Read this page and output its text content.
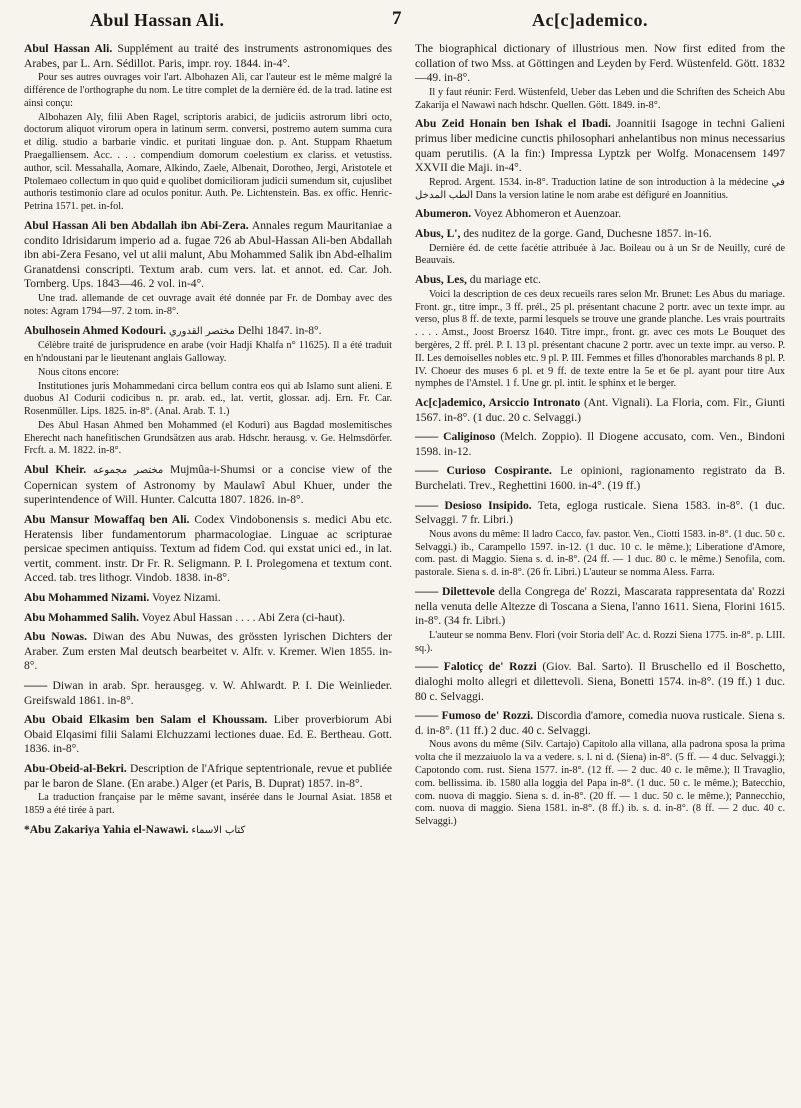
Abul Hassan Ali.	7	Ac[c]ademico.
Abul Hassan Ali. Supplément au traité des instruments astronomiques des Arabes, par L. Arn. Sédillot. Paris, impr. roy. 1844. in-4°.
Pour ses autres ouvrages voir l'art. Albohazen Ali, car l'auteur est le même malgré la différence de l'orthographe du nom. Le titre complet de la dernière éd. de la trad. latine est ainsi conçu:
Albohazen Aly, filii Aben Ragel, scriptoris arabici, de judiciis astrorum libri octo, doctorum aliquot virorum opera in latinum serm. conversi, postremo autem summa cura et dilig. studio a barbarie vindic. et puritati linguae don. p. Ant. Stuppam Rhaetum Praegalliensem. Acc. . . . compendium domorum coelestium ex clariss. et vetustiss. author, scil. Messahalla, Aomare, Alkindo, Zaele, Albenait, Dorotheo, Jergi, Aristotele et Ptolemaeo collectum in quo quid e quolibet domicilioram judicii sumendum sit, cujuslibet authoris testimonio clare ad oculos ponitur. Auth. Pe. Lichtenstein. Bas. ex offic. Henric-Petrina 1571. pet. in-fol.
Abul Hassan Ali ben Abdallah ibn Abi-Zera. Annales regum Mauritaniae a condito Idrisidarum imperio ad a. fugae 726 ab Abul-Hassan Ali-ben Abdallah ibn abi-Zera Fesano, vel ut alii malunt, Abu Mohammed Salik ibn Abd-elhalim Granatdensi conscripti. Textum arab. cum vers. lat. et annot. ed. Car. Joh. Tornberg. Ups. 1843—46. 2 vol. in-4°.
Une trad. allemande de cet ouvrage avait été donnée par Fr. de Dombay avec des notes: Agram 1794—97. 2 tom. in-8°.
Abulhosein Ahmed Kodouri. مختصر القدوري Delhi 1847. in-8°.
Célèbre traité de jurisprudence en arabe (voir Hadji Khalfa n° 11625). Il a été traduit en h'ndoustani par le lieutenant anglais Galloway.
Nous citons encore:
Institutiones juris Mohammedani circa bellum contra eos qui ab Islamo sunt alieni. E duobus Al Codurii codicibus n. pr. arab. ed., lat. vertit, glossar. adj. Ern. Fr. Car. Rosenmüller. Lips. 1825. in-8°. (Anal. Arab. T. 1.)
Des Abul Hasan Ahmed ben Mohammed (el Koduri) aus Bagdad moslemitisches Eherecht nach hanefitischen Grundsätzen aus arab. Hdschr. herausg. v. Ge. Helmsdörfer. Frcft. a. M. 1822. in-8°.
Abul Kheir. مختصر مجموعه Mujmûa-i-Shumsi or a concise view of the Copernican system of Astronomy by Maulawî Abul Khuer, under the superintendence of Will. Hunter. Calcutta 1807. 1826. in-8°.
Abu Mansur Mowaffaq ben Ali. Codex Vindobonensis s. medici Abu etc. Heratensis liber fundamentorum pharmacologiae. Linguae ac scripturae persicae specimen antiquiss. Textum ad fidem Cod. qui exstat unici ed., in lat. vertit, comment. instr. Dr Fr. R. Seligmann. P. I. Prolegomena et textum cont. Acced. tab. tres lithogr. Vindob. 1838. in-8°.
Abu Mohammed Nizami. Voyez Nizami.
Abu Mohammed Salih. Voyez Abul Hassan . . . . Abi Zera (ci-haut).
Abu Nowas. Diwan des Abu Nuwas, des grössten lyrischen Dichters der Araber. Zum ersten Mal deutsch bearbeitet v. Alfr. v. Kremer. Wien 1855. in-8°.
—— Diwan in arab. Spr. herausgeg. v. W. Ahlwardt. P. I. Die Weinlieder. Greifswald 1861. in-8°.
Abu Obaid Elkasim ben Salam el Khoussam. Liber proverbiorum Abi Obaid Elqasimi filii Salami Elchuzzami lectiones duae. Ed. E. Bertheau. Gott. 1836. in-8°.
Abu-Obeid-al-Bekri. Description de l'Afrique septentrionale, revue et publiée par le baron de Slane. (En arabe.) Alger (et Paris, B. Duprat) 1857. in-8°.
La traduction française par le même savant, insérée dans le Journal Asiat. 1858 et 1859 a été tirée à part.
*Abu Zakariya Yahia el-Nawawi. كتاب الاسماء
The biographical dictionary of illustrious men. Now first edited from the collation of two Mss. at Göttingen and Leyden by Ferd. Wüstenfeld. Gött. 1832—49. in-8°.
Il y faut réunir: Ferd. Wüstenfeld, Ueber das Leben und die Schriften des Scheich Abu Zakarija el Nawawi nach hdschr. Quellen. Gött. 1849. in-8°.
Abu Zeid Honain ben Ishak el Ibadi. Joannitii Isagoge in techni Galieni primus liber medicine cunctis philosophari anhelantibus non minus necessarius quam perutilis. (A la fin:) Impressa Lyptzk per Wolfg. Monacensem 1497 XXVII die Maji. in-4°.
Reprod. Argent. 1534. in-8°. Traduction latine de son introduction à la médecine في الطب المدخل Dans la version latine le nom arabe est défiguré en Joannitius.
Abumeron. Voyez Abhomeron et Auenzoar.
Abus, L', des nuditez de la gorge. Gand, Duchesne 1857. in-16.
Dernière éd. de cette facétie attribuée à Jac. Boileau ou à un Sr de Neuilly, curé de Beauvais.
Abus, Les, du mariage etc.
Voici la description de ces deux recueils rares selon Mr. Brunet: Les Abus du mariage. Front. gr., titre impr., 3 ff. prél., 25 pl. présentant chacune 2 portr. avec un texte impr. au verso, plus 8 ff. de texte, parmi lesquels se trouve une grande planche. Les vrais pourtraits . . . . Amst., Joost Broersz 1640. Titre impr., front. gr. avec ces mots Le Bouquet des bergères, 2 ff. prél. P. I. 13 pl. présentant chacune 2 portr. avec un texte impr. au verso. P. II. Les demoiselles nobles etc. 9 pl. P. III. Femmes et filles d'honorables marchands 8 pl. P. IV. Choeur des muses 6 pl. et 9 ff. de texte entre la 5e et 6e pl. ayant pour titre Aux nymphes de l'Amstel. 1 f. Une gr. pl. intit. le sphinx et le berger.
Ac[c]ademico, Arsiccio Intronato (Ant. Vignali). La Floria, com. Fir., Giunti 1567. in-8°. (1 duc. 20 c. Selvaggi.)
—— Caliginoso (Melch. Zoppio). Il Diogene accusato, com. Ven., Bindoni 1598. in-12.
—— Curioso Cospirante. Le opinioni, ragionamento registrato da B. Burchelati. Trev., Reghettini 1600. in-4°. (19 ff.)
—— Desioso Insipido. Teta, egloga rusticale. Siena 1583. in-8°. (1 duc. Selvaggi. 7 fr. Libri.)
Nous avons du même: Il ladro Cacco, fav. pastor. Ven., Ciotti 1583. in-8°. (1 duc. 50 c. Selvaggi.) ib., Carampello 1597. in-12. (1 duc. 10 c. le même.); Liberatione d'Amore, com. past. di Maggio. Siena s. d. in-8°. (24 ff. — 1 duc. 80 c. le même.) Senofila, com. pastorale. Siena s. d. in-8°. (26 fr. Libri.) L'auteur se nomma Aless. Farra.
—— Dilettevole della Congrega de' Rozzi, Mascarata rappresentata da' Rozzi nella venuta delle Altezze di Toscana a Siena, l'anno 1611. Siena, Florini 1615. in-8°. (34 fr. Libri.)
L'auteur se nomma Benv. Flori (voir Storia dell' Ac. d. Rozzi Siena 1775. in-8°. p. LIII. sq.).
—— Faloticç de' Rozzi (Giov. Bal. Sarto). Il Bruschello ed il Boschetto, dialoghi molto allegri et dilettevoli. Siena, Bonetti 1574. in-8°. (19 ff.) 1 duc. 80 c. Selvaggi.
—— Fumoso de' Rozzi. Discordia d'amore, comedia nuova rusticale. Siena s. d. in-8°. (11 ff.) 2 duc. 40 c. Selvaggi.
Nous avons du même (Silv. Cartajo) Capitolo alla villana, alla padrona sposa la prima volta che il mezzaiuolo la va a vedere. s. l. ni d. (Siena) in-8°. (5 ff. — 4 duc. Selvaggi.); Capotondo com. rust. Siena 1577. in-8°. (12 ff. — 2 duc. 40 c. le même.); Il Travaglio, com. bellissima. ib. 1580 alla loggia del Papa in-8°. (1 duc. 50 c. le même.); Batecchio, com. nuova di maggio. Siena s. d. in-8°. (20 ff. — 1 duc. 50 c. le même.); Pannecchio, com. nuova di maggio. Siena 1581. in-8°. (8 ff.) ib. s. d. in-8°. (8 ff. — 2 duc. 40 c. Selvaggi.)
